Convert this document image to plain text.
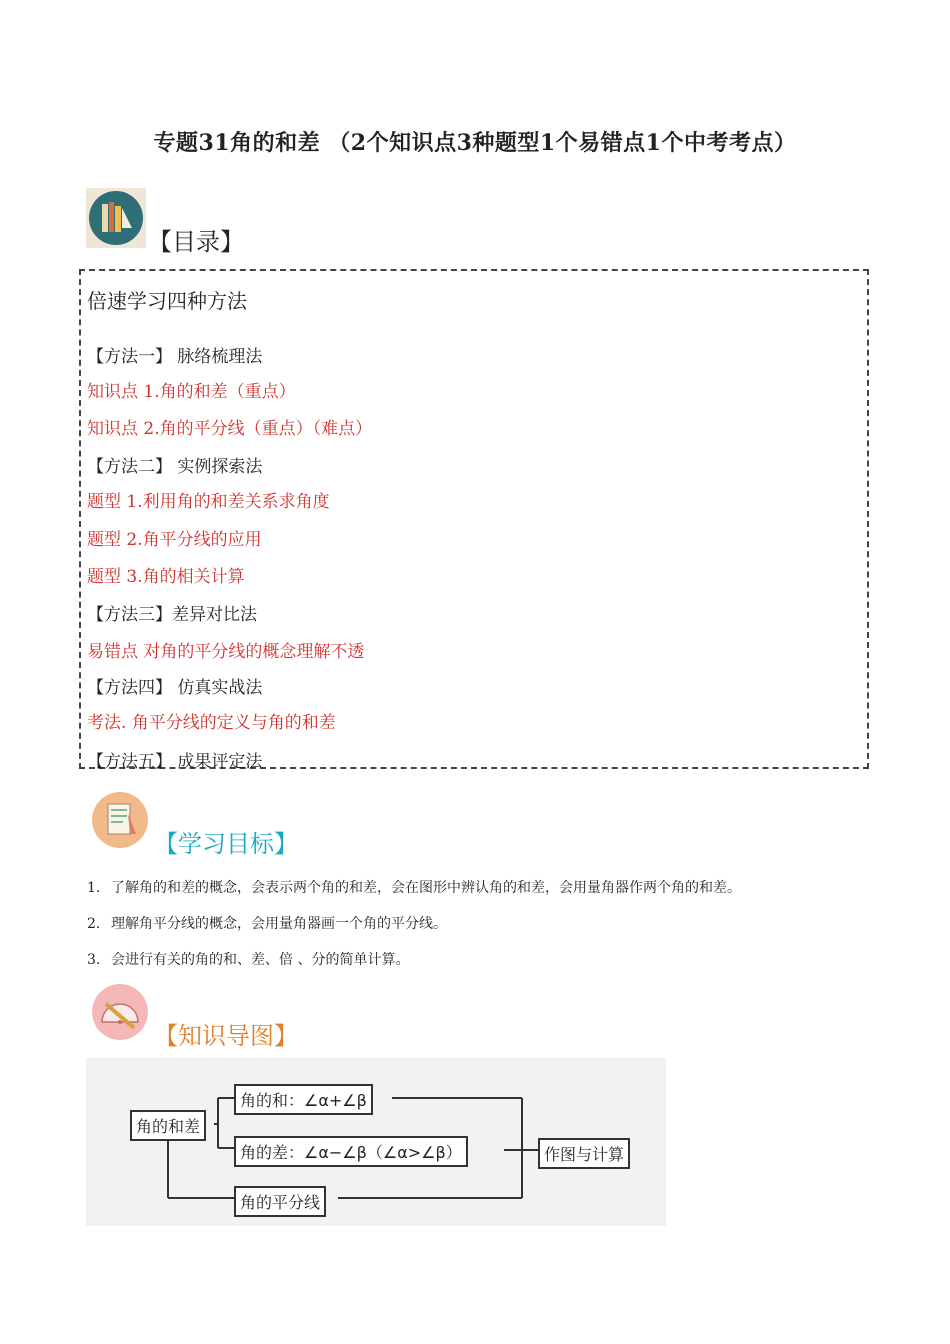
专题31角的和差 （2个知识点3种题型1个易错点1个中考考点）
【目录】
倍速学习四种方法
【方法一】 脉络梳理法
知识点 1.角的和差（重点）
知识点 2.角的平分线（重点）（难点）
【方法二】 实例探索法
题型 1.利用角的和差关系求角度
题型 2.角平分线的应用
题型 3.角的相关计算
【方法三】差异对比法
易错点 对角的平分线的概念理解不透
【方法四】 仿真实战法
考法. 角平分线的定义与角的和差
【方法五】 成果评定法
【学习目标】
1. 了解角的和差的概念，会表示两个角的和差，会在图形中辨认角的和差，会用量角器作两个角的和差。
2. 理解角平分线的概念，会用量角器画一个角的平分线。
3. 会进行有关的角的和、差、倍 、分的简单计算。
【知识导图】
角的和差
角的和：∠α+∠β
角的差：∠α−∠β（∠α>∠β）
角的平分线
作图与计算
